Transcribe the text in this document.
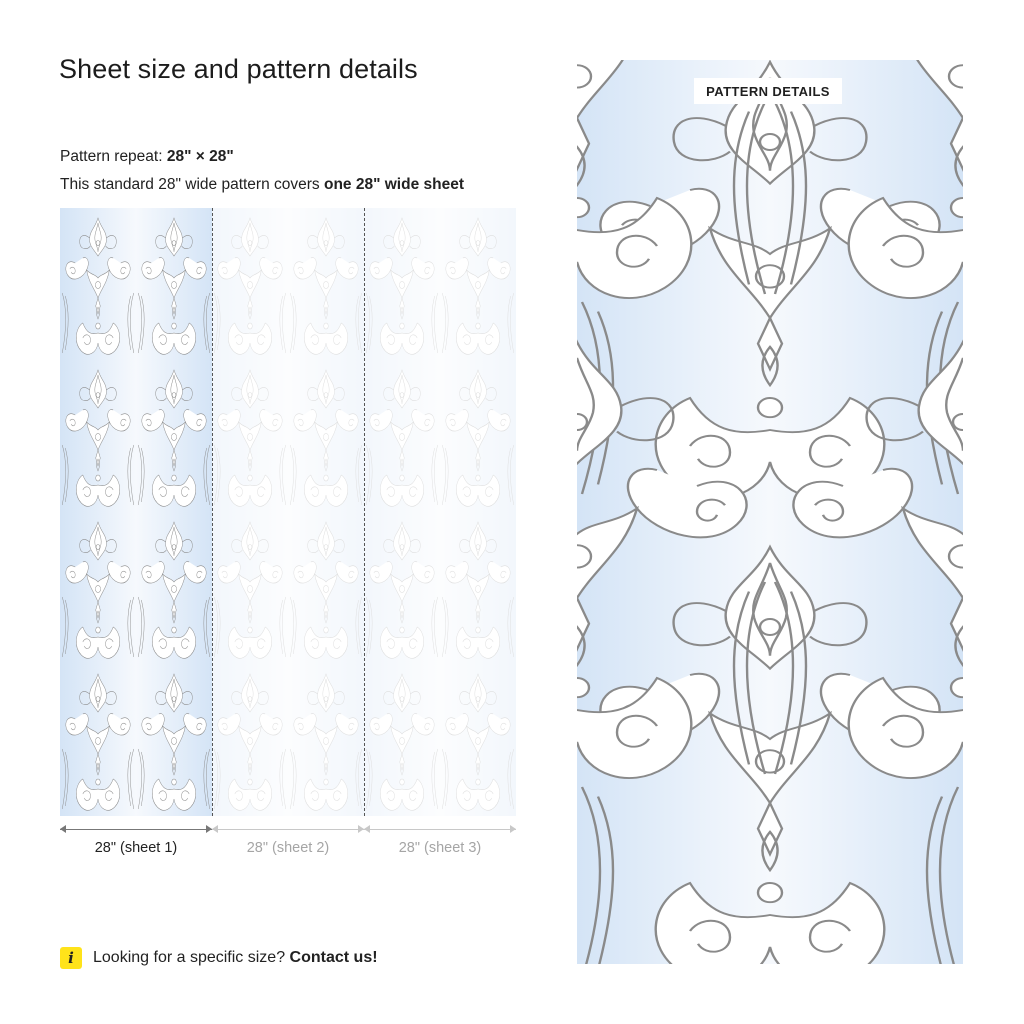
Sheet size and pattern details
Pattern repeat: 28" × 28"
This standard 28" wide pattern covers one 28" wide sheet
28" (sheet 1)	28" (sheet 2)	28" (sheet 3)
i	Looking for a specific size? Contact us!
PATTERN DETAILS
